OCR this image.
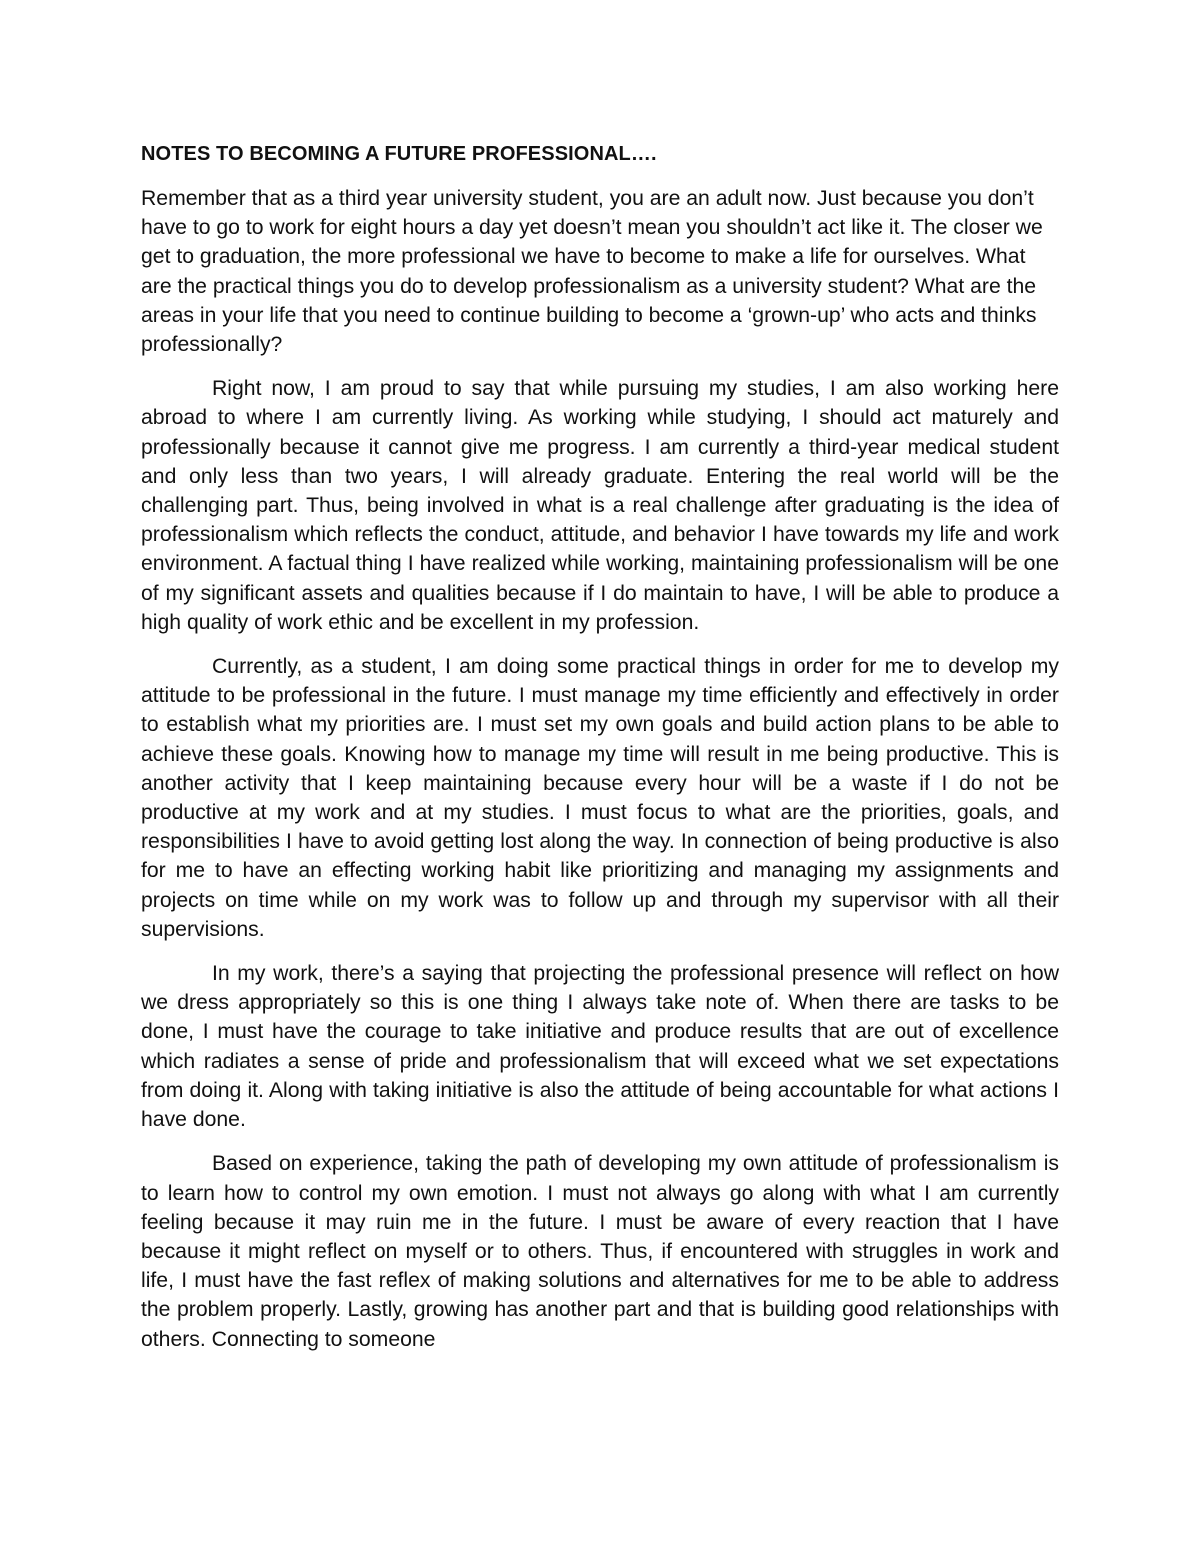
NOTES TO BECOMING A FUTURE PROFESSIONAL….

Remember that as a third year university student, you are an adult now. Just because you don’t have to go to work for eight hours a day yet doesn’t mean you shouldn’t act like it. The closer we get to graduation, the more professional we have to become to make a life for ourselves. What are the practical things you do to develop professionalism as a university student? What are the areas in your life that you need to continue building to become a ‘grown-up’ who acts and thinks professionally?

Right now, I am proud to say that while pursuing my studies, I am also working here abroad to where I am currently living. As working while studying, I should act maturely and professionally because it cannot give me progress. I am currently a third-year medical student and only less than two years, I will already graduate. Entering the real world will be the challenging part. Thus, being involved in what is a real challenge after graduating is the idea of professionalism which reflects the conduct, attitude, and behavior I have towards my life and work environment. A factual thing I have realized while working, maintaining professionalism will be one of my significant assets and qualities because if I do maintain to have, I will be able to produce a high quality of work ethic and be excellent in my profession.

Currently, as a student, I am doing some practical things in order for me to develop my attitude to be professional in the future. I must manage my time efficiently and effectively in order to establish what my priorities are. I must set my own goals and build action plans to be able to achieve these goals. Knowing how to manage my time will result in me being productive. This is another activity that I keep maintaining because every hour will be a waste if I do not be productive at my work and at my studies. I must focus to what are the priorities, goals, and responsibilities I have to avoid getting lost along the way. In connection of being productive is also for me to have an effecting working habit like prioritizing and managing my assignments and projects on time while on my work was to follow up and through my supervisor with all their supervisions.

In my work, there’s a saying that projecting the professional presence will reflect on how we dress appropriately so this is one thing I always take note of. When there are tasks to be done, I must have the courage to take initiative and produce results that are out of excellence which radiates a sense of pride and professionalism that will exceed what we set expectations from doing it. Along with taking initiative is also the attitude of being accountable for what actions I have done.

Based on experience, taking the path of developing my own attitude of professionalism is to learn how to control my own emotion. I must not always go along with what I am currently feeling because it may ruin me in the future. I must be aware of every reaction that I have because it might reflect on myself or to others. Thus, if encountered with struggles in work and life, I must have the fast reflex of making solutions and alternatives for me to be able to address the problem properly. Lastly, growing has another part and that is building good relationships with others. Connecting to someone
